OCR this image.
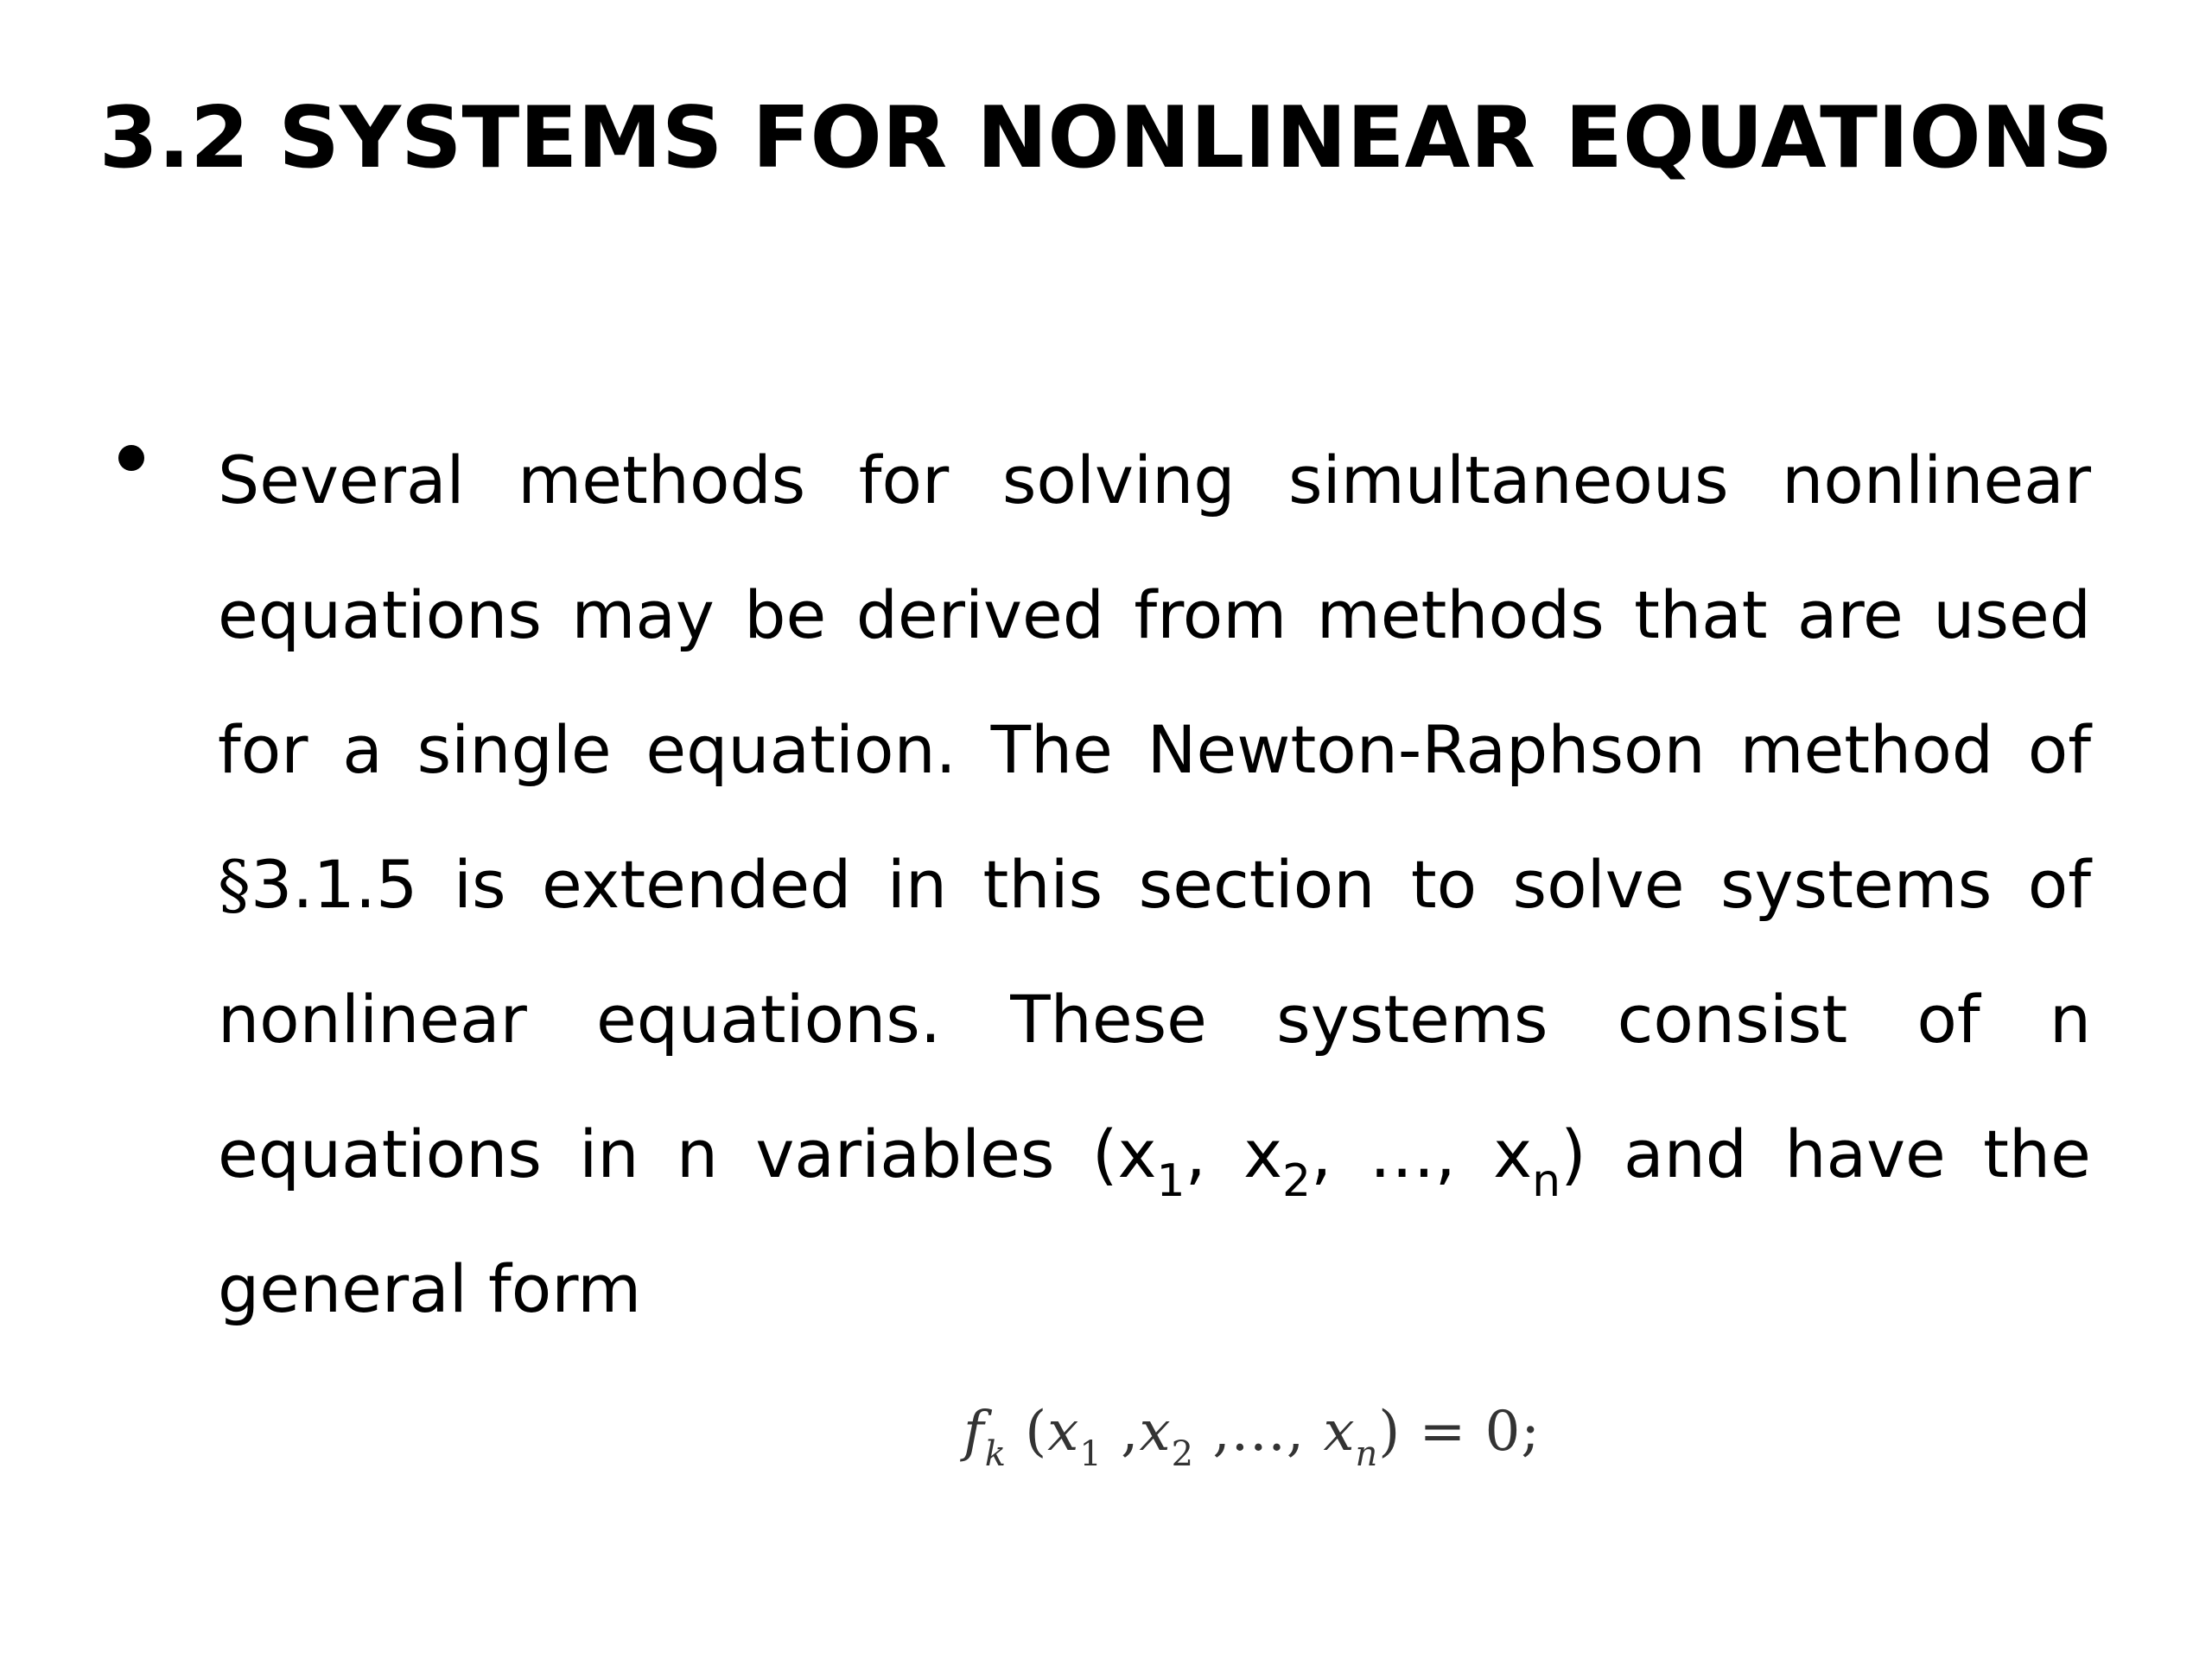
3.2 SYSTEMS FOR NONLINEAR EQUATIONS
Several methods for solving simultaneous nonlinear
equations may be derived from methods that are used
for a single equation. The Newton-Raphson method of
§3.1.5 is extended in this section to solve systems of
nonlinear equations. These systems consist of n
equations in n variables ($x_1$, $x_2$, …, $x_n$) and have the
general form
$f_k$ ($x_1$ $,x_2$ ,..., $x_n) = 0$;
